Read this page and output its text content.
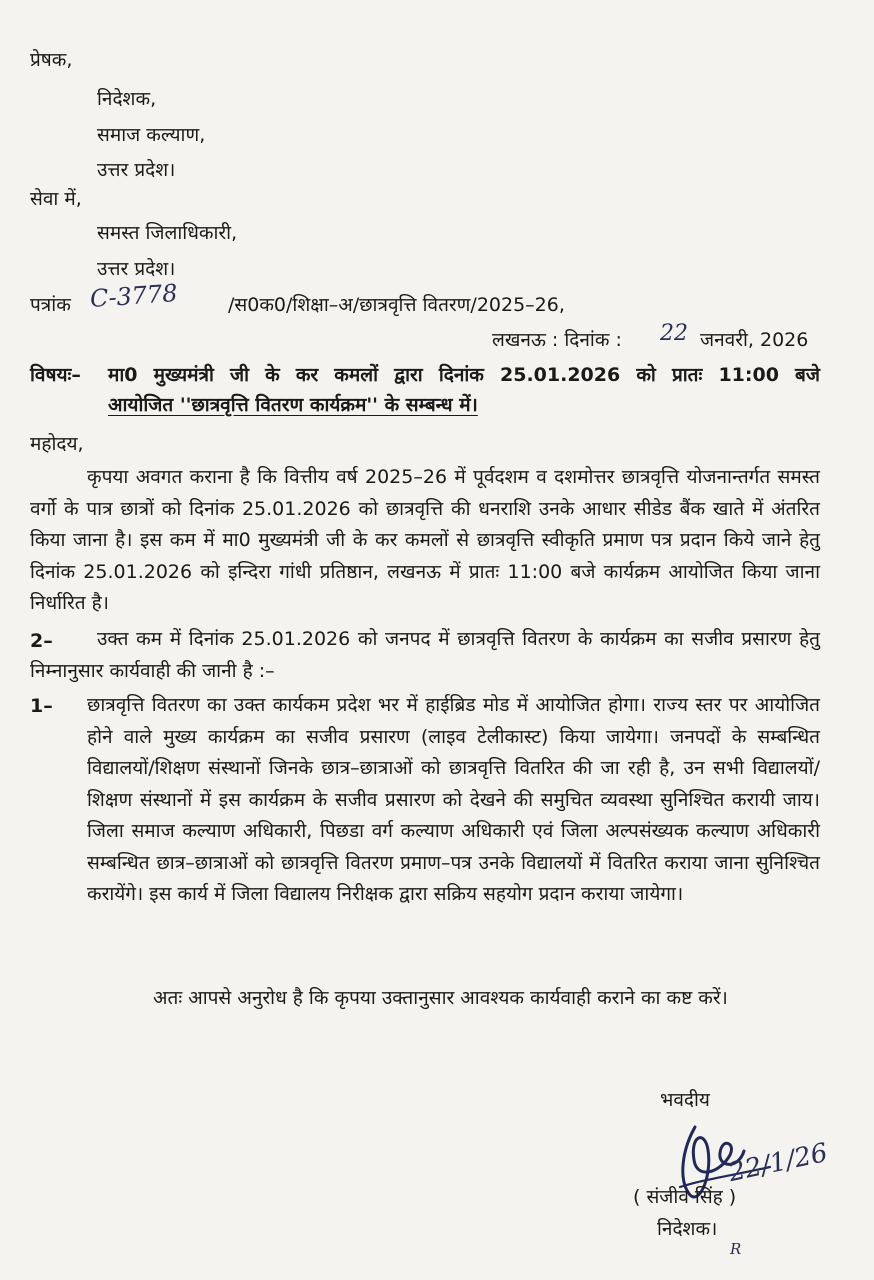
प्रेषक,
निदेशक,
समाज कल्याण,
उत्तर प्रदेश।
सेवा में,
समस्त जिलाधिकारी,
उत्तर प्रदेश।
पत्रांक C-3778	/स0क0/शिक्षा–अ/छात्रवृत्ति वितरण/2025–26,
लखनऊ : दिनांक : 22 जनवरी, 2026
विषयः– मा0 मुख्यमंत्री जी के कर कमलों द्वारा दिनांक 25.01.2026 को प्रातः 11:00 बजे
आयोजित ''छात्रवृत्ति वितरण कार्यक्रम'' के सम्बन्ध में।
महोदय,
कृपया अवगत कराना है कि वित्तीय वर्ष 2025–26 में पूर्वदशम व दशमोत्तर छात्रवृत्ति योजनान्तर्गत समस्त वर्गो के पात्र छात्रों को दिनांक 25.01.2026 को छात्रवृत्ति की धनराशि उनके आधार सीडेड बैंक खाते में अंतरित किया जाना है। इस कम में मा0 मुख्यमंत्री जी के कर कमलों से छात्रवृत्ति स्वीकृति प्रमाण पत्र प्रदान किये जाने हेतु दिनांक 25.01.2026 को इन्दिरा गांधी प्रतिष्ठान, लखनऊ में प्रातः 11:00 बजे कार्यक्रम आयोजित किया जाना निर्धारित है।
2–	उक्त कम में दिनांक 25.01.2026 को जनपद में छात्रवृत्ति वितरण के कार्यक्रम का सजीव प्रसारण हेतु निम्नानुसार कार्यवाही की जानी है :–
1– छात्रवृत्ति वितरण का उक्त कार्यकम प्रदेश भर में हाईब्रिड मोड में आयोजित होगा। राज्य स्तर पर आयोजित होने वाले मुख्य कार्यक्रम का सजीव प्रसारण (लाइव टेलीकास्ट) किया जायेगा। जनपदों के सम्बन्धित विद्यालयों/शिक्षण संस्थानों जिनके छात्र–छात्राओं को छात्रवृत्ति वितरित की जा रही है, उन सभी विद्यालयों/शिक्षण संस्थानों में इस कार्यक्रम के सजीव प्रसारण को देखने की समुचित व्यवस्था सुनिश्चित करायी जाय। जिला समाज कल्याण अधिकारी, पिछडा वर्ग कल्याण अधिकारी एवं जिला अल्पसंख्यक कल्याण अधिकारी सम्बन्धित छात्र–छात्राओं को छात्रवृत्ति वितरण प्रमाण–पत्र उनके विद्यालयों में वितरित कराया जाना सुनिश्चित करायेंगे। इस कार्य में जिला विद्यालय निरीक्षक द्वारा सक्रिय सहयोग प्रदान कराया जायेगा।
अतः आपसे अनुरोध है कि कृपया उक्तानुसार आवश्यक कार्यवाही कराने का कष्ट करें।
भवदीय
22/1/26
( संजीव सिंह )
निदेशक।
R
